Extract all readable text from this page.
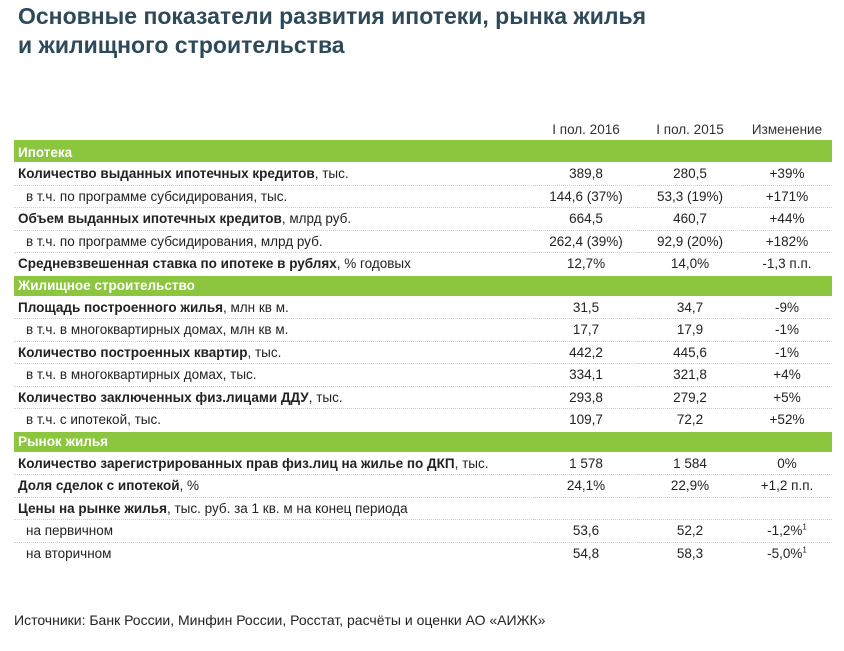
Основные показатели развития ипотеки, рынка жилья
и жилищного строительства
	I пол. 2016	I пол. 2015	Изменение
Ипотека			
Количество выданных ипотечных кредитов, тыс.	389,8	280,5	+39%
в т.ч. по программе субсидирования, тыс.	144,6 (37%)	53,3 (19%)	+171%
Объем выданных ипотечных кредитов, млрд руб.	664,5	460,7	+44%
в т.ч. по программе субсидирования, млрд руб.	262,4 (39%)	92,9 (20%)	+182%
Средневзвешенная ставка по ипотеке в рублях, % годовых	12,7%	14,0%	-1,3 п.п.
Жилищное строительство			
Площадь построенного жилья, млн кв м.	31,5	34,7	-9%
в т.ч. в многоквартирных домах, млн кв м.	17,7	17,9	-1%
Количество построенных квартир, тыс.	442,2	445,6	-1%
в т.ч. в многоквартирных домах, тыс.	334,1	321,8	+4%
Количество заключенных физ.лицами ДДУ, тыс.	293,8	279,2	+5%
в т.ч. с ипотекой, тыс.	109,7	72,2	+52%
Рынок жилья			
Количество зарегистрированных прав физ.лиц на жилье по ДКП, тыс.	1 578	1 584	0%
Доля сделок с ипотекой, %	24,1%	22,9%	+1,2 п.п.
Цены на рынке жилья, тыс. руб. за 1 кв. м на конец периода			
на первичном	53,6	52,2	-1,2%$^1$
на вторичном	54,8	58,3	-5,0%$^1$
Источники: Банк России, Минфин России, Росстат, расчёты и оценки АО «АИЖК»
